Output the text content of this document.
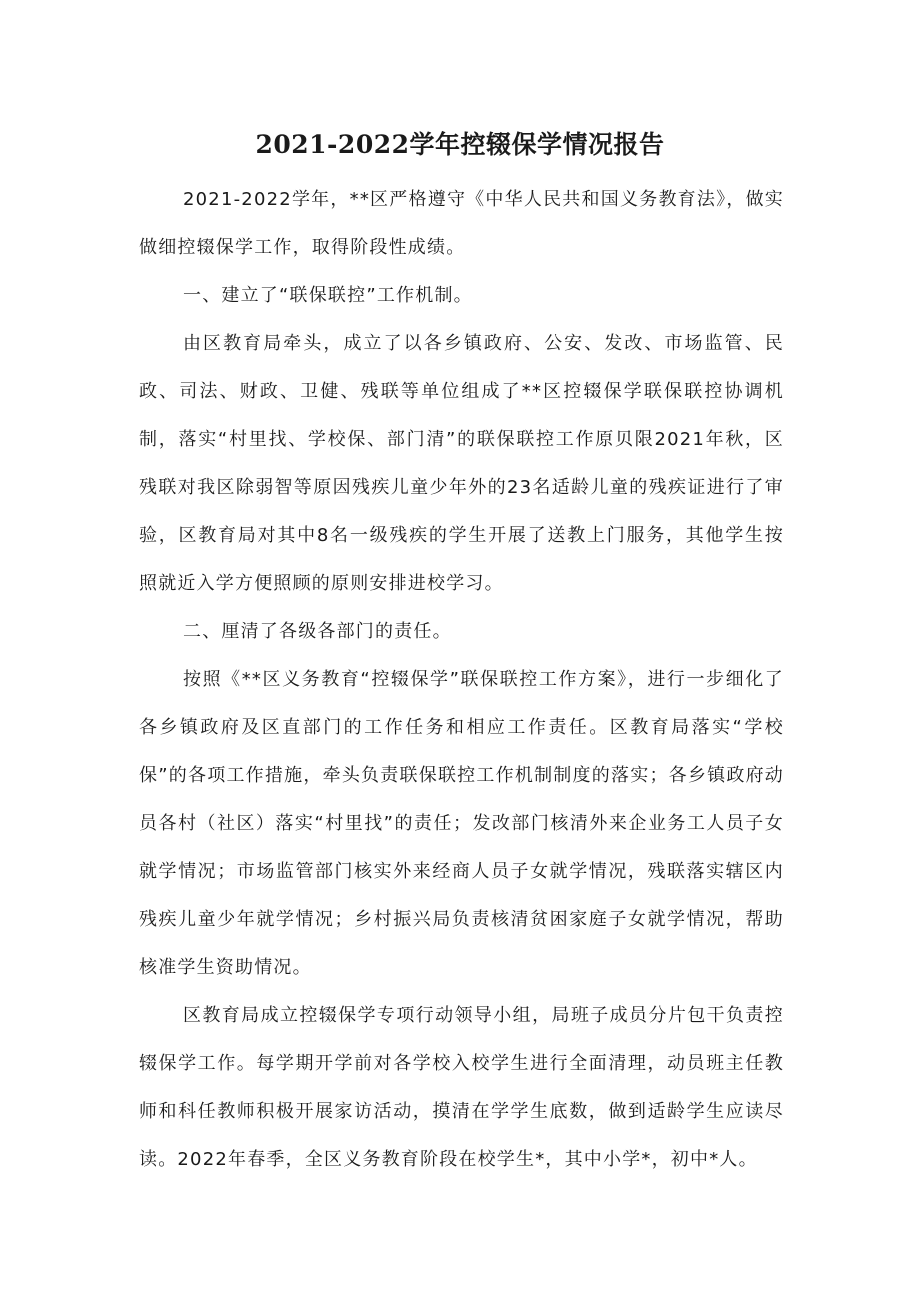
2021-2022学年控辍保学情况报告

2021-2022学年，**区严格遵守《中华人民共和国义务教育法》，做实做细控辍保学工作，取得阶段性成绩。

一、建立了“联保联控”工作机制。

由区教育局牵头，成立了以各乡镇政府、公安、发改、市场监管、民政、司法、财政、卫健、残联等单位组成了**区控辍保学联保联控协调机制，落实“村里找、学校保、部门清”的联保联控工作原贝限2021年秋，区残联对我区除弱智等原因残疾儿童少年外的23名适龄儿童的残疾证进行了审验，区教育局对其中8名一级残疾的学生开展了送教上门服务，其他学生按照就近入学方便照顾的原则安排进校学习。

二、厘清了各级各部门的责任。

按照《**区义务教育“控辍保学”联保联控工作方案》，进行一步细化了各乡镇政府及区直部门的工作任务和相应工作责任。区教育局落实“学校保”的各项工作措施，牵头负责联保联控工作机制制度的落实；各乡镇政府动员各村（社区）落实“村里找”的责任；发改部门核清外来企业务工人员子女就学情况；市场监管部门核实外来经商人员子女就学情况，残联落实辖区内残疾儿童少年就学情况；乡村振兴局负责核清贫困家庭子女就学情况，帮助核准学生资助情况。

区教育局成立控辍保学专项行动领导小组，局班子成员分片包干负责控辍保学工作。每学期开学前对各学校入校学生进行全面清理，动员班主任教师和科任教师积极开展家访活动，摸清在学学生底数，做到适龄学生应读尽读。2022年春季，全区义务教育阶段在校学生*，其中小学*，初中*人。
